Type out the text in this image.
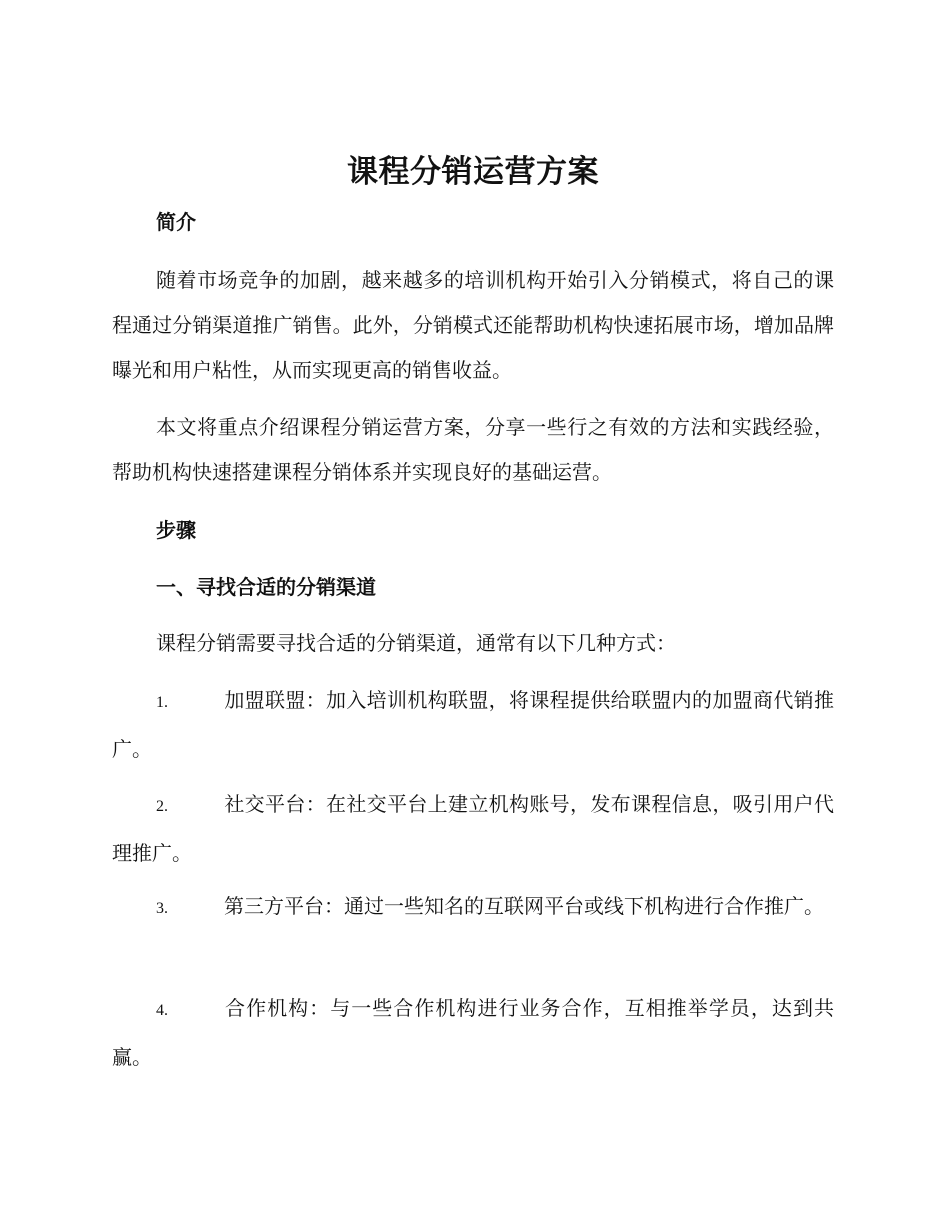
课程分销运营方案
简介
随着市场竞争的加剧，越来越多的培训机构开始引入分销模式，将自己的课程通过分销渠道推广销售。此外，分销模式还能帮助机构快速拓展市场，增加品牌曝光和用户粘性，从而实现更高的销售收益。
本文将重点介绍课程分销运营方案，分享一些行之有效的方法和实践经验，帮助机构快速搭建课程分销体系并实现良好的基础运营。
步骤
一、寻找合适的分销渠道
课程分销需要寻找合适的分销渠道，通常有以下几种方式：
1.	加盟联盟：加入培训机构联盟，将课程提供给联盟内的加盟商代销推广。
2.	社交平台：在社交平台上建立机构账号，发布课程信息，吸引用户代理推广。
3.	第三方平台：通过一些知名的互联网平台或线下机构进行合作推广。
4.	合作机构：与一些合作机构进行业务合作，互相推举学员，达到共赢。
